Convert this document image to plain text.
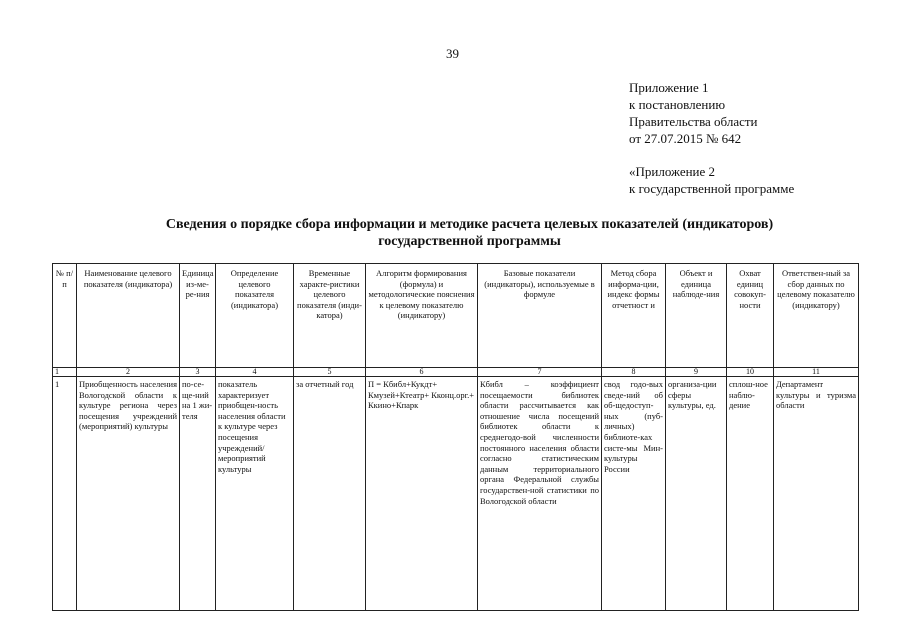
39
Приложение 1
к постановлению
Правительства области
от 27.07.2015 № 642
«Приложение 2
к государственной программе
Сведения о порядке сбора информации и методике расчета целевых показателей (индикаторов)
государственной программы
№ п/п	Наименование целевого показателя (индикатора)	Единица из-ме-ре-ния	Определение целевого показателя (индикатора)	Временные характе-ристики целевого показателя (инди-катора)	Алгоритм формирования (формула) и методологические пояснения к целевому показателю (индикатору)	Базовые показатели (индикаторы), используемые в формуле	Метод сбора информа-ции, индекс формы отчетност и	Объект и единица наблюде-ния	Охват единиц совокуп-ности	Ответствен-ный за сбор данных по целевому показателю (индикатору)
1	2	3	4	5	6	7	8	9	10	11
1	Приобщенность населения Вологодской области к культуре региона через посещения учреждений (мероприятий) культуры	по-се-ще-ний на 1 жи-теля	показатель характеризует приобщен-ность населения области к культуре через посещения учреждений/ мероприятий культуры	за отчетный год	П = Кбибл+Кукдт+ Кмузей+Ктеатр+ Кконц.орг.+ Ккино+Кпарк	Кбибл – коэффициент посещаемости библиотек области рассчитывается как отношение числа посещений библиотек области к среднегодо-вой численности постоянного населения области согласно статистическим данным территориального органа Федеральной службы государствен-ной статистики по Вологодской области	свод годо-вых сведе-ний об об-щедоступ-ных (пуб-личных) библиоте-ках систе-мы Мин-культуры России	организа-ции сферы культуры, ед.	сплош-ное наблю-дение	Департамент культуры и туризма области
